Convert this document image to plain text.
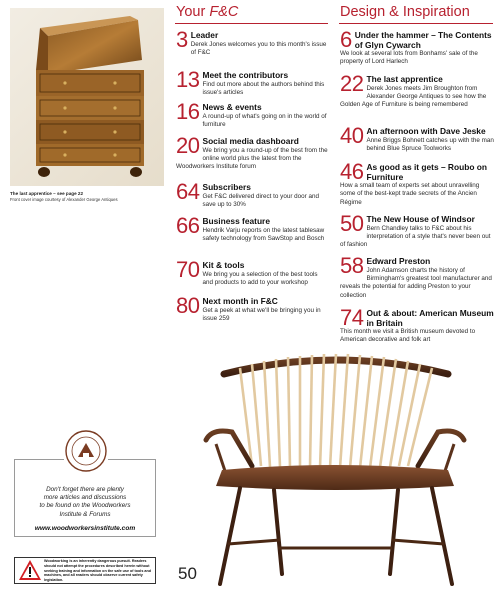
The last apprentice – see page 22
Front cover image courtesy of Alexander George Antiques
Your F&C	Design & Inspiration
3 Leader
Derek Jones welcomes you to this month's issue of F&C
13 Meet the contributors
Find out more about the authors behind this issue's articles
16 News & events
A round-up of what's going on in the world of furniture
20 Social media dashboard
We bring you a round-up of the best from the online world plus the latest from the Woodworkers Institute forum
64 Subscribers
Get F&C delivered direct to your door and save up to 30%
66 Business feature
Hendrik Varju reports on the latest tablesaw safety technology from SawStop and Bosch
70 Kit & tools
We bring you a selection of the best tools and products to add to your workshop
80 Next month in F&C
Get a peek at what we'll be bringing you in issue 259
6 Under the hammer – The Contents of Glyn Cywarch
We look at several lots from Bonhams' sale of the property of Lord Harlech
22 The last apprentice
Derek Jones meets Jim Broughton from Alexander George Antiques to see how the Golden Age of Furniture is being remembered
40 An afternoon with Dave Jeske
Anne Briggs Bohnett catches up with the man behind Blue Spruce Toolworks
46 As good as it gets – Roubo on Furniture
How a small team of experts set about unravelling some of the best-kept trade secrets of the Ancien Régime
50 The New House of Windsor
Bern Chandley talks to F&C about his interpretation of a style that's never been out of fashion
58 Edward Preston
John Adamson charts the history of Birmingham's greatest tool manufacturer and reveals the potential for adding Preston to your collection
74 Out & about: American Museum in Britain
This month we visit a British museum devoted to American decorative and folk art
Don't forget there are plenty
more articles and discussions
to be found on the Woodworkers
Institute & Forums
www.woodworkersinstitute.com
Woodworking is an inherently dangerous pursuit. Readers should not attempt the procedures described herein without seeking training and information on the safe use of tools and machines, and all readers should observe current safety legislation.	50
